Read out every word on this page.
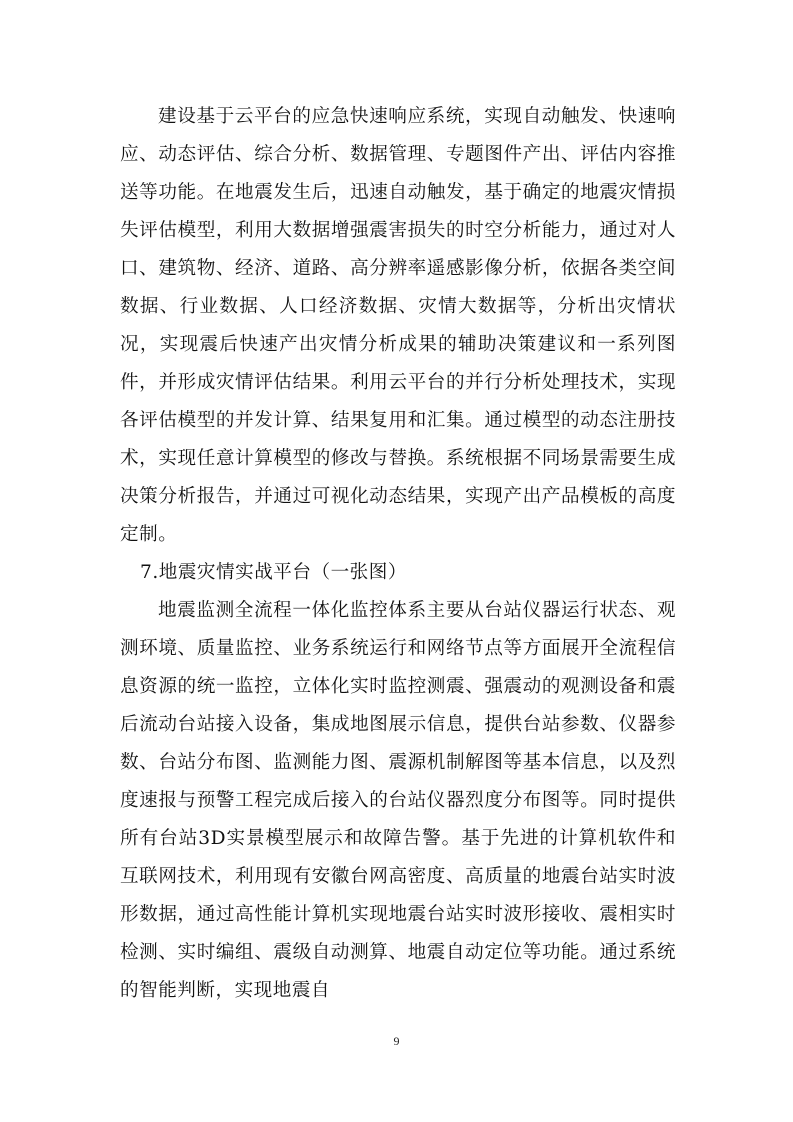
建设基于云平台的应急快速响应系统，实现自动触发、快速响应、动态评估、综合分析、数据管理、专题图件产出、评估内容推送等功能。在地震发生后，迅速自动触发，基于确定的地震灾情损失评估模型，利用大数据增强震害损失的时空分析能力，通过对人口、建筑物、经济、道路、高分辨率遥感影像分析，依据各类空间数据、行业数据、人口经济数据、灾情大数据等，分析出灾情状况，实现震后快速产出灾情分析成果的辅助决策建议和一系列图件，并形成灾情评估结果。利用云平台的并行分析处理技术，实现各评估模型的并发计算、结果复用和汇集。通过模型的动态注册技术，实现任意计算模型的修改与替换。系统根据不同场景需要生成决策分析报告，并通过可视化动态结果，实现产出产品模板的高度定制。

7.地震灾情实战平台（一张图）

地震监测全流程一体化监控体系主要从台站仪器运行状态、观测环境、质量监控、业务系统运行和网络节点等方面展开全流程信息资源的统一监控，立体化实时监控测震、强震动的观测设备和震后流动台站接入设备，集成地图展示信息，提供台站参数、仪器参数、台站分布图、监测能力图、震源机制解图等基本信息，以及烈度速报与预警工程完成后接入的台站仪器烈度分布图等。同时提供所有台站3D实景模型展示和故障告警。基于先进的计算机软件和互联网技术，利用现有安徽台网高密度、高质量的地震台站实时波形数据，通过高性能计算机实现地震台站实时波形接收、震相实时检测、实时编组、震级自动测算、地震自动定位等功能。通过系统的智能判断，实现地震自

9
